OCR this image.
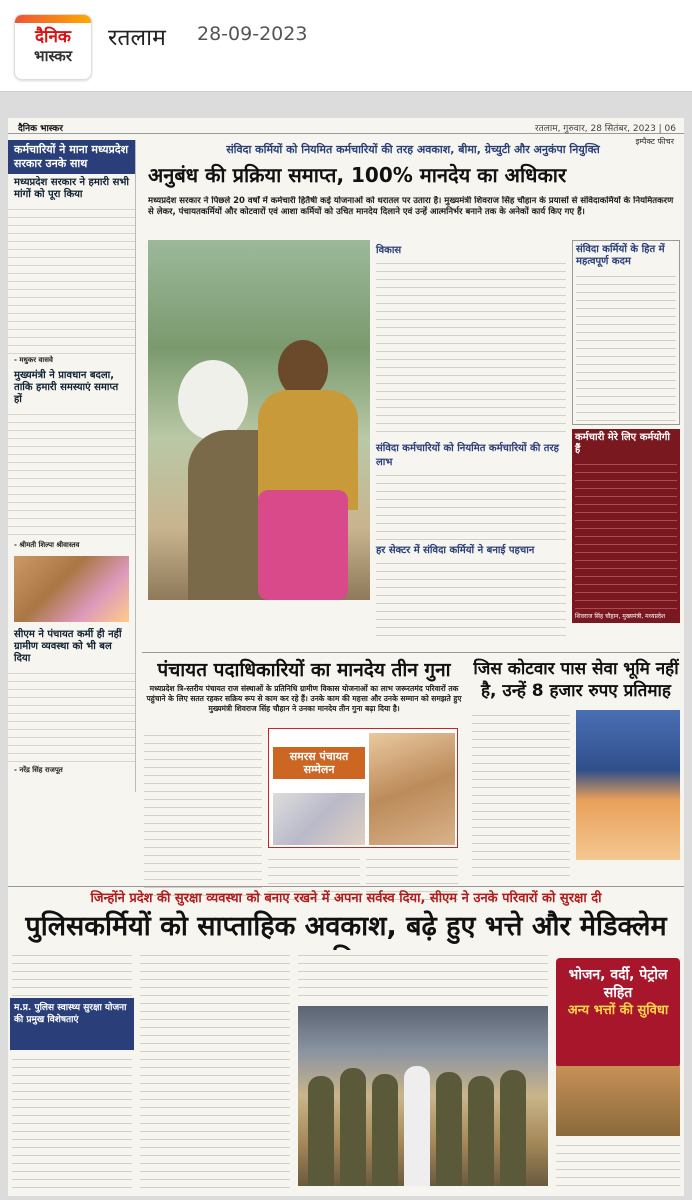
दैनिक
भास्कर
रतलाम 28-09-2023
दैनिक भास्कर	रतलाम, गुरुवार, 28 सितंबर, 2023 | 06
इम्पैक्ट फीचर
कर्मचारियों ने माना मध्यप्रदेश सरकार उनके साथ
मध्यप्रदेश सरकार ने हमारी सभी मांगों को पूरा किया
- मधुकर वासवे
मुख्यमंत्री ने प्रावधान बदला, ताकि हमारी समस्याएं समाप्त हों
- श्रीमती शिल्पा श्रीवास्तव
सीएम ने पंचायत कर्मी ही नहीं ग्रामीण व्यवस्था को भी बल दिया
- नरेंद्र सिंह राजपूत
संविदा कर्मियों को नियमित कर्मचारियों की तरह अवकाश, बीमा, ग्रेच्युटी और अनुकंपा नियुक्ति
अनुबंध की प्रक्रिया समाप्त, 100% मानदेय का अधिकार
मध्यप्रदेश सरकार ने पिछले 20 वर्षों में कर्मचारी हितैषी कई योजनाओं को धरातल पर उतारा है। मुख्यमंत्री शिवराज सिंह चौहान के प्रयासों से संविदाकर्मियों के नियमितकरण से लेकर, पंचायतकर्मियों और कोटवारों एवं आशा कर्मियों को उचित मानदेय दिलाने एवं उन्हें आत्मनिर्भर बनाने तक के अनेकों कार्य किए गए हैं।
विकास
संविदा कर्मचारियों को नियमित कर्मचारियों की तरह लाभ
हर सेक्टर में संविदा कर्मियों ने बनाई पहचान
संविदा कर्मियों के हित में महत्वपूर्ण कदम
कर्मचारी मेरे लिए कर्मयोगी हैं
शिवराज सिंह चौहान, मुख्यमंत्री, मध्यप्रदेश
पंचायत पदाधिकारियों का मानदेय तीन गुना
मध्यप्रदेश त्रि-स्तरीय पंचायत राज संस्थाओं के प्रतिनिधि ग्रामीण विकास योजनाओं का लाभ जरूरतमंद परिवारों तक पहुंचाने के लिए सतत रहकर सक्रिय रूप से काम कर रहे हैं। उनके काम की महत्ता और उनके सम्मान को समझते हुए मुख्यमंत्री शिवराज सिंह चौहान ने उनका मानदेय तीन गुना बढ़ा दिया है।
समरस पंचायत सम्मेलन
जिस कोटवार पास सेवा भूमि नहीं है, उन्हें 8 हजार रुपए प्रतिमाह
जिन्होंने प्रदेश की सुरक्षा व्यवस्था को बनाए रखने में अपना सर्वस्व दिया, सीएम ने उनके परिवारों को सुरक्षा दी
पुलिसकर्मियों को साप्ताहिक अवकाश, बढ़े हुए भत्ते और मेडिक्लेम
म.प्र. पुलिस स्वास्थ्य सुरक्षा योजना की प्रमुख विशेषताएं
भोजन, वर्दी, पेट्रोल सहित
अन्य भत्तों की सुविधा
